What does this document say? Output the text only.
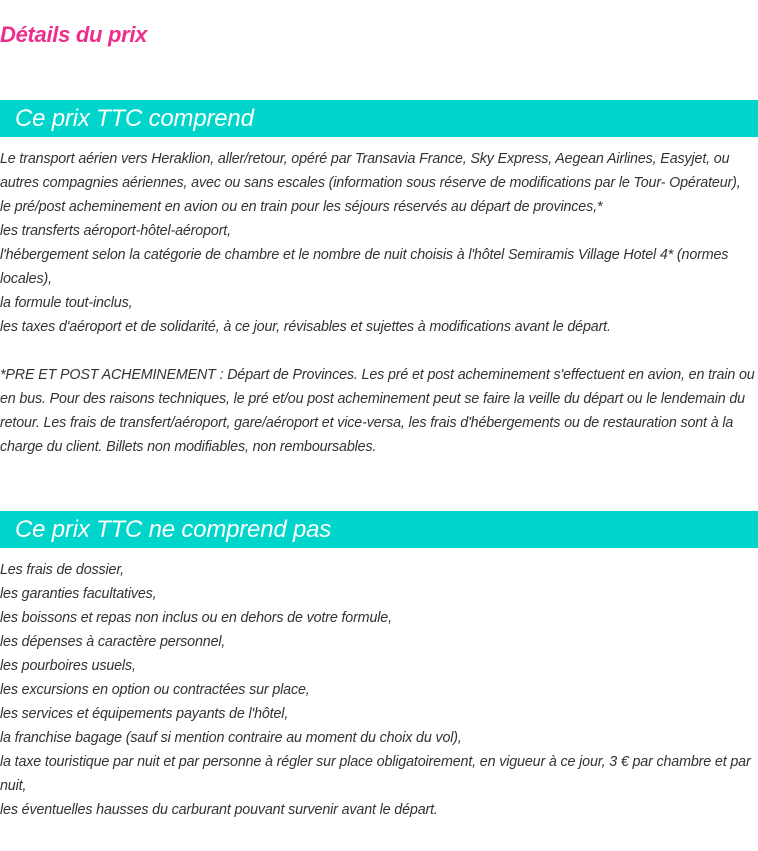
Détails du prix
Ce prix TTC comprend
Le transport aérien vers Heraklion, aller/retour, opéré par Transavia France, Sky Express, Aegean Airlines, Easyjet, ou autres compagnies aériennes, avec ou sans escales (information sous réserve de modifications par le Tour- Opérateur),
le pré/post acheminement en avion ou en train pour les séjours réservés au départ de provinces,*
les transferts aéroport-hôtel-aéroport,
l'hébergement selon la catégorie de chambre et le nombre de nuit choisis à l'hôtel Semiramis Village Hotel 4* (normes locales),
la formule tout-inclus,
les taxes d'aéroport et de solidarité, à ce jour, révisables et sujettes à modifications avant le départ.
*PRE ET POST ACHEMINEMENT : Départ de Provinces. Les pré et post acheminement s'effectuent en avion, en train ou en bus. Pour des raisons techniques, le pré et/ou post acheminement peut se faire la veille du départ ou le lendemain du retour. Les frais de transfert/aéroport, gare/aéroport et vice-versa, les frais d'hébergements ou de restauration sont à la charge du client. Billets non modifiables, non remboursables.
Ce prix TTC ne comprend pas
Les frais de dossier,
les garanties facultatives,
les boissons et repas non inclus ou en dehors de votre formule,
les dépenses à caractère personnel,
les pourboires usuels,
les excursions en option ou contractées sur place,
les services et équipements payants de l'hôtel,
la franchise bagage (sauf si mention contraire au moment du choix du vol),
la taxe touristique par nuit et par personne à régler sur place obligatoirement, en vigueur à ce jour, 3 € par chambre et par nuit,
les éventuelles hausses du carburant pouvant survenir avant le départ.
